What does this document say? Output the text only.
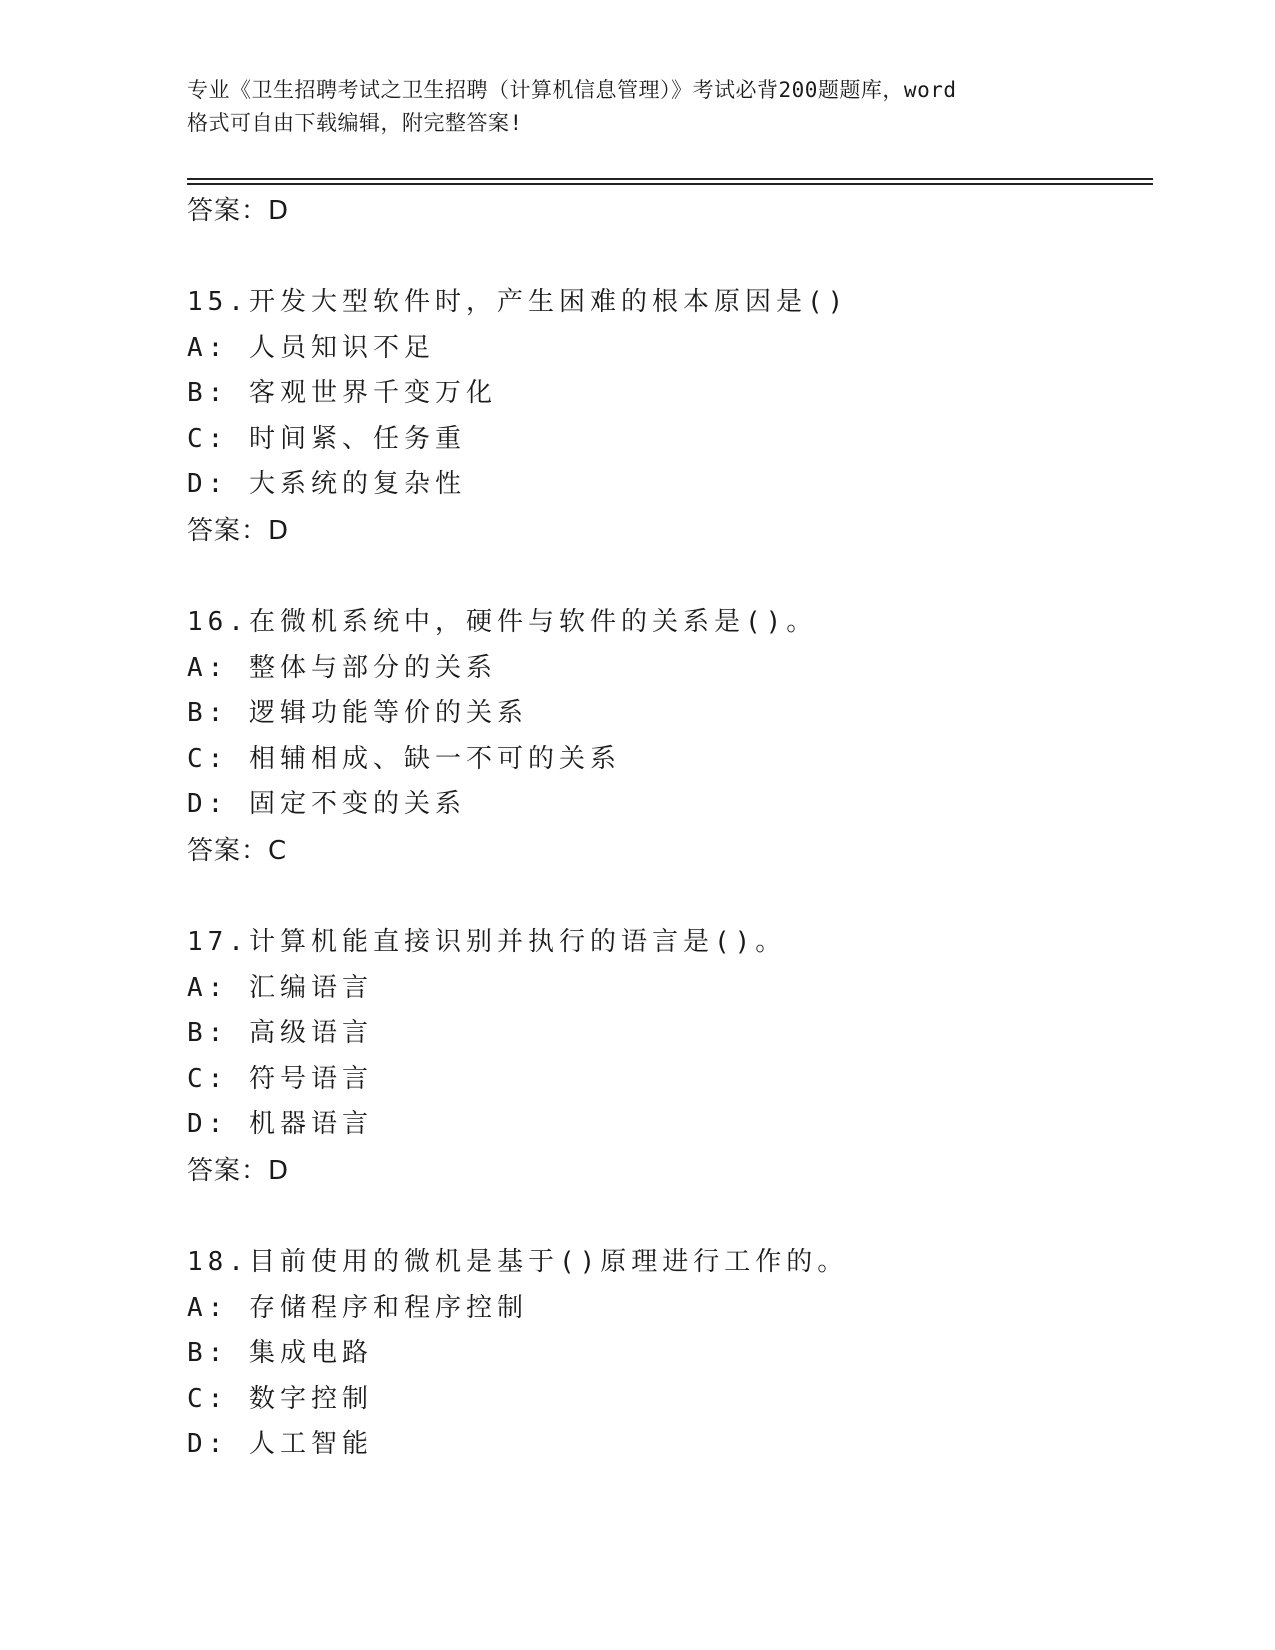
专业《卫生招聘考试之卫生招聘（计算机信息管理）》考试必背200题题库，word
格式可自由下载编辑，附完整答案!
答案：D
15.开发大型软件时，产生困难的根本原因是()
A: 人员知识不足
B: 客观世界千变万化
C: 时间紧、任务重
D: 大系统的复杂性
答案：D
16.在微机系统中，硬件与软件的关系是()。
A: 整体与部分的关系
B: 逻辑功能等价的关系
C: 相辅相成、缺一不可的关系
D: 固定不变的关系
答案：C
17.计算机能直接识别并执行的语言是()。
A: 汇编语言
B: 高级语言
C: 符号语言
D: 机器语言
答案：D
18.目前使用的微机是基于()原理进行工作的。
A: 存储程序和程序控制
B: 集成电路
C: 数字控制
D: 人工智能
